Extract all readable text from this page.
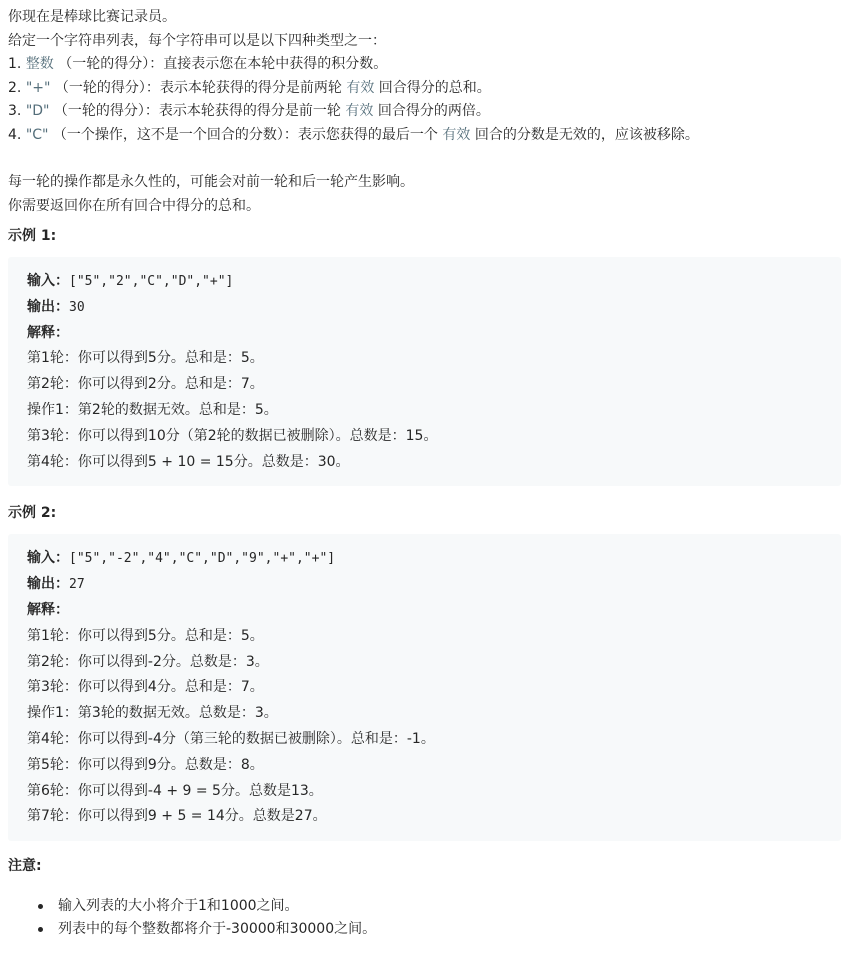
你现在是棒球比赛记录员。
给定一个字符串列表，每个字符串可以是以下四种类型之一：
1. 整数 （一轮的得分）：直接表示您在本轮中获得的积分数。
2. "+" （一轮的得分）：表示本轮获得的得分是前两轮 有效 回合得分的总和。
3. "D" （一轮的得分）：表示本轮获得的得分是前一轮 有效 回合得分的两倍。
4. "C" （一个操作，这不是一个回合的分数）：表示您获得的最后一个 有效 回合的分数是无效的，应该被移除。
每一轮的操作都是永久性的，可能会对前一轮和后一轮产生影响。
你需要返回你在所有回合中得分的总和。
示例 1:
输入：["5","2","C","D","+"]
输出：30
解释：
第1轮：你可以得到5分。总和是：5。
第2轮：你可以得到2分。总和是：7。
操作1：第2轮的数据无效。总和是：5。
第3轮：你可以得到10分（第2轮的数据已被删除）。总数是：15。
第4轮：你可以得到5 + 10 = 15分。总数是：30。
示例 2:
输入：["5","-2","4","C","D","9","+","+"]
输出：27
解释：
第1轮：你可以得到5分。总和是：5。
第2轮：你可以得到-2分。总数是：3。
第3轮：你可以得到4分。总和是：7。
操作1：第3轮的数据无效。总数是：3。
第4轮：你可以得到-4分（第三轮的数据已被删除）。总和是：-1。
第5轮：你可以得到9分。总数是：8。
第6轮：你可以得到-4 + 9 = 5分。总数是13。
第7轮：你可以得到9 + 5 = 14分。总数是27。
注意:
输入列表的大小将介于1和1000之间。
列表中的每个整数都将介于-30000和30000之间。
